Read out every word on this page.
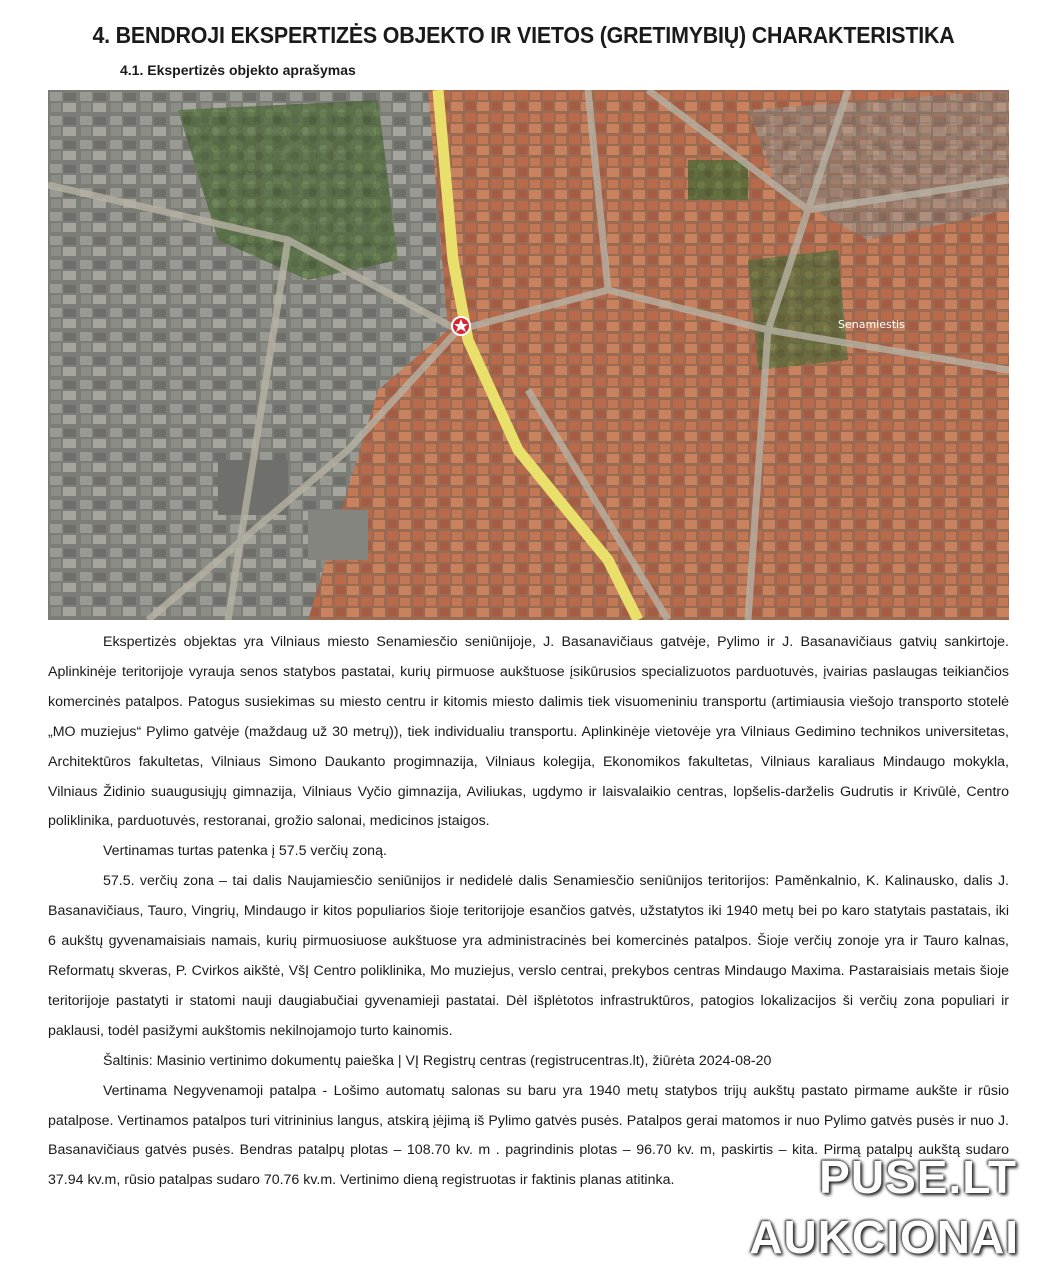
4. BENDROJI EKSPERTIZĖS OBJEKTO IR VIETOS (GRETIMYBIŲ) CHARAKTERISTIKA
4.1. Ekspertizės objekto aprašymas
Senamiestis

Ekspertizės objektas yra Vilniaus miesto Senamiesčio seniūnijoje, J. Basanavičiaus gatvėje, Pylimo ir J. Basanavičiaus gatvių sankirtoje. Aplinkinėje teritorijoje vyrauja senos statybos pastatai, kurių pirmuose aukštuose įsikūrusios specializuotos parduotuvės, įvairias paslaugas teikiančios komercinės patalpos. Patogus susiekimas su miesto centru ir kitomis miesto dalimis tiek visuomeniniu transportu (artimiausia viešojo transporto stotelė „MO muziejus“ Pylimo gatvėje (maždaug už 30 metrų)), tiek individualiu transportu. Aplinkinėje vietovėje yra Vilniaus Gedimino technikos universitetas, Architektūros fakultetas, Vilniaus Simono Daukanto progimnazija, Vilniaus kolegija, Ekonomikos fakultetas, Vilniaus karaliaus Mindaugo mokykla, Vilniaus Židinio suaugusiųjų gimnazija, Vilniaus Vyčio gimnazija, Aviliukas, ugdymo ir laisvalaikio centras, lopšelis-darželis Gudrutis ir Krivūlė, Centro poliklinika, parduotuvės, restoranai, grožio salonai, medicinos įstaigos.

Vertinamas turtas patenka į 57.5 verčių zoną.

57.5. verčių zona – tai dalis Naujamiesčio seniūnijos ir nedidelė dalis Senamiesčio seniūnijos teritorijos: Paměnkalnio, K. Kalinausko, dalis J. Basanavičiaus, Tauro, Vingrių, Mindaugo ir kitos populiarios šioje teritorijoje esančios gatvės, užstatytos iki 1940 metų bei po karo statytais pastatais, iki 6 aukštų gyvenamaisiais namais, kurių pirmuosiuose aukštuose yra administracinės bei komercinės patalpos. Šioje verčių zonoje yra ir Tauro kalnas, Reformatų skveras, P. Cvirkos aikštė, VšĮ Centro poliklinika, Mo muziejus, verslo centrai, prekybos centras Mindaugo Maxima. Pastaraisiais metais šioje teritorijoje pastatyti ir statomi nauji daugiabučiai gyvenamieji pastatai. Dėl išplėtotos infrastruktūros, patogios lokalizacijos ši verčių zona populiari ir paklausi, todėl pasižymi aukštomis nekilnojamojo turto kainomis.

Šaltinis: Masinio vertinimo dokumentų paieška | VĮ Registrų centras (registrucentras.lt), žiūrėta 2024-08-20

Vertinama Negyvenamoji patalpa - Lošimo automatų salonas su baru yra 1940 metų statybos trijų aukštų pastato pirmame aukšte ir rūsio patalpose. Vertinamos patalpos turi vitrininius langus, atskirą įėjimą iš Pylimo gatvės pusės. Patalpos gerai matomos ir nuo Pylimo gatvės pusės ir nuo J. Basanavičiaus gatvės pusės. Bendras patalpų plotas – 108.70 kv. m . pagrindinis plotas – 96.70 kv. m, paskirtis – kita. Pirmą patalpų aukštą sudaro 37.94 kv.m, rūsio patalpas sudaro 70.76 kv.m. Vertinimo dieną registruotas ir faktinis planas atitinka.	PUSE.LT
AUKCIONAI
